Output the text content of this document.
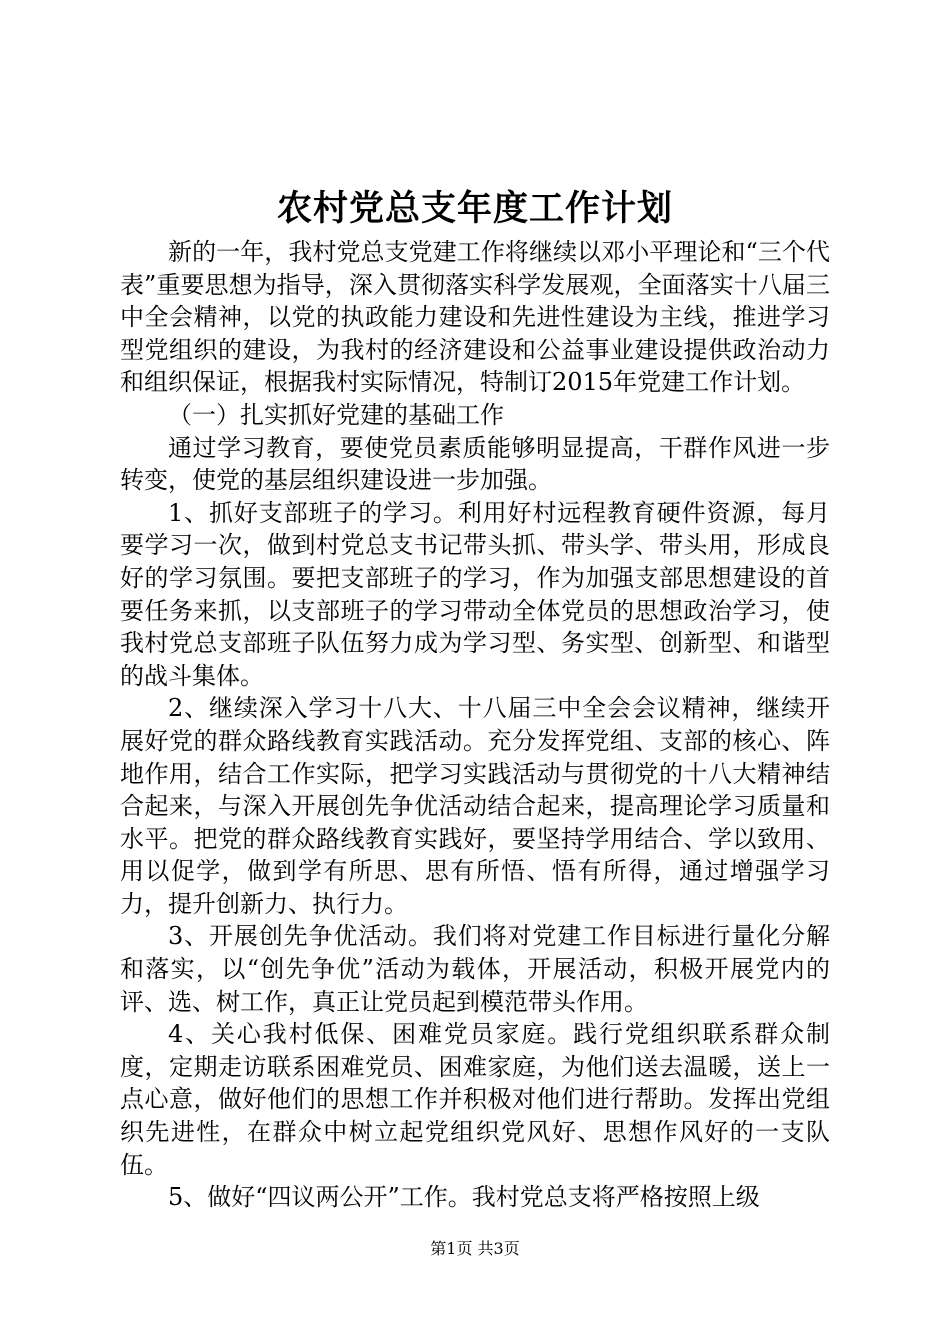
农村党总支年度工作计划

新的一年，我村党总支党建工作将继续以邓小平理论和“三个代表”重要思想为指导，深入贯彻落实科学发展观，全面落实十八届三中全会精神，以党的执政能力建设和先进性建设为主线，推进学习型党组织的建设，为我村的经济建设和公益事业建设提供政治动力和组织保证，根据我村实际情况，特制订2015年党建工作计划。

（一）扎实抓好党建的基础工作

通过学习教育，要使党员素质能够明显提高，干群作风进一步转变，使党的基层组织建设进一步加强。

1、抓好支部班子的学习。利用好村远程教育硬件资源，每月要学习一次，做到村党总支书记带头抓、带头学、带头用，形成良好的学习氛围。要把支部班子的学习，作为加强支部思想建设的首要任务来抓，以支部班子的学习带动全体党员的思想政治学习，使我村党总支部班子队伍努力成为学习型、务实型、创新型、和谐型的战斗集体。

2、继续深入学习十八大、十八届三中全会会议精神，继续开展好党的群众路线教育实践活动。充分发挥党组、支部的核心、阵地作用，结合工作实际，把学习实践活动与贯彻党的十八大精神结合起来，与深入开展创先争优活动结合起来，提高理论学习质量和水平。把党的群众路线教育实践好，要坚持学用结合、学以致用、用以促学，做到学有所思、思有所悟、悟有所得，通过增强学习力，提升创新力、执行力。

3、开展创先争优活动。我们将对党建工作目标进行量化分解和落实，以“创先争优”活动为载体，开展活动，积极开展党内的评、选、树工作，真正让党员起到模范带头作用。

4、关心我村低保、困难党员家庭。践行党组织联系群众制度，定期走访联系困难党员、困难家庭，为他们送去温暖，送上一点心意，做好他们的思想工作并积极对他们进行帮助。发挥出党组织先进性，在群众中树立起党组织党风好、思想作风好的一支队伍。

5、做好“四议两公开”工作。我村党总支将严格按照上级

第1页 共3页
